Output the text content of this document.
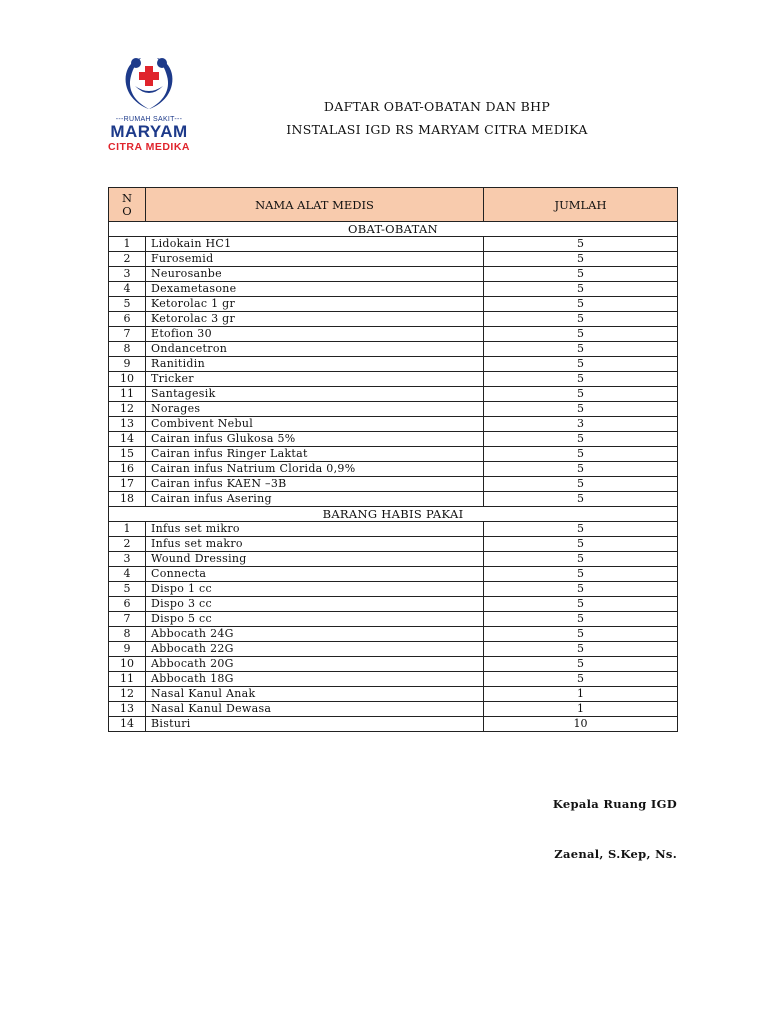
---RUMAH SAKIT---
MARYAM
CITRA MEDIKA
DAFTAR OBAT-OBATAN DAN BHP
INSTALASI IGD RS MARYAM CITRA MEDIKA
N
O	NAMA ALAT MEDIS	JUMLAH
OBAT-OBATAN		
1	Lidokain HC1	5
2	Furosemid	5
3	Neurosanbe	5
4	Dexametasone	5
5	Ketorolac 1 gr	5
6	Ketorolac 3 gr	5
7	Etofion 30	5
8	Ondancetron	5
9	Ranitidin	5
10	Tricker	5
11	Santagesik	5
12	Norages	5
13	Combivent Nebul	3
14	Cairan infus Glukosa 5%	5
15	Cairan infus Ringer Laktat	5
16	Cairan infus Natrium Clorida 0,9%	5
17	Cairan infus KAEN –3B	5
18	Cairan infus Asering	5
BARANG HABIS PAKAI		
1	Infus set mikro	5
2	Infus set makro	5
3	Wound Dressing	5
4	Connecta	5
5	Dispo 1 cc	5
6	Dispo 3 cc	5
7	Dispo 5 cc	5
8	Abbocath 24G	5
9	Abbocath 22G	5
10	Abbocath 20G	5
11	Abbocath 18G	5
12	Nasal Kanul Anak	1
13	Nasal Kanul Dewasa	1
14	Bisturi	10
Kepala Ruang IGD
Zaenal, S.Kep, Ns.
